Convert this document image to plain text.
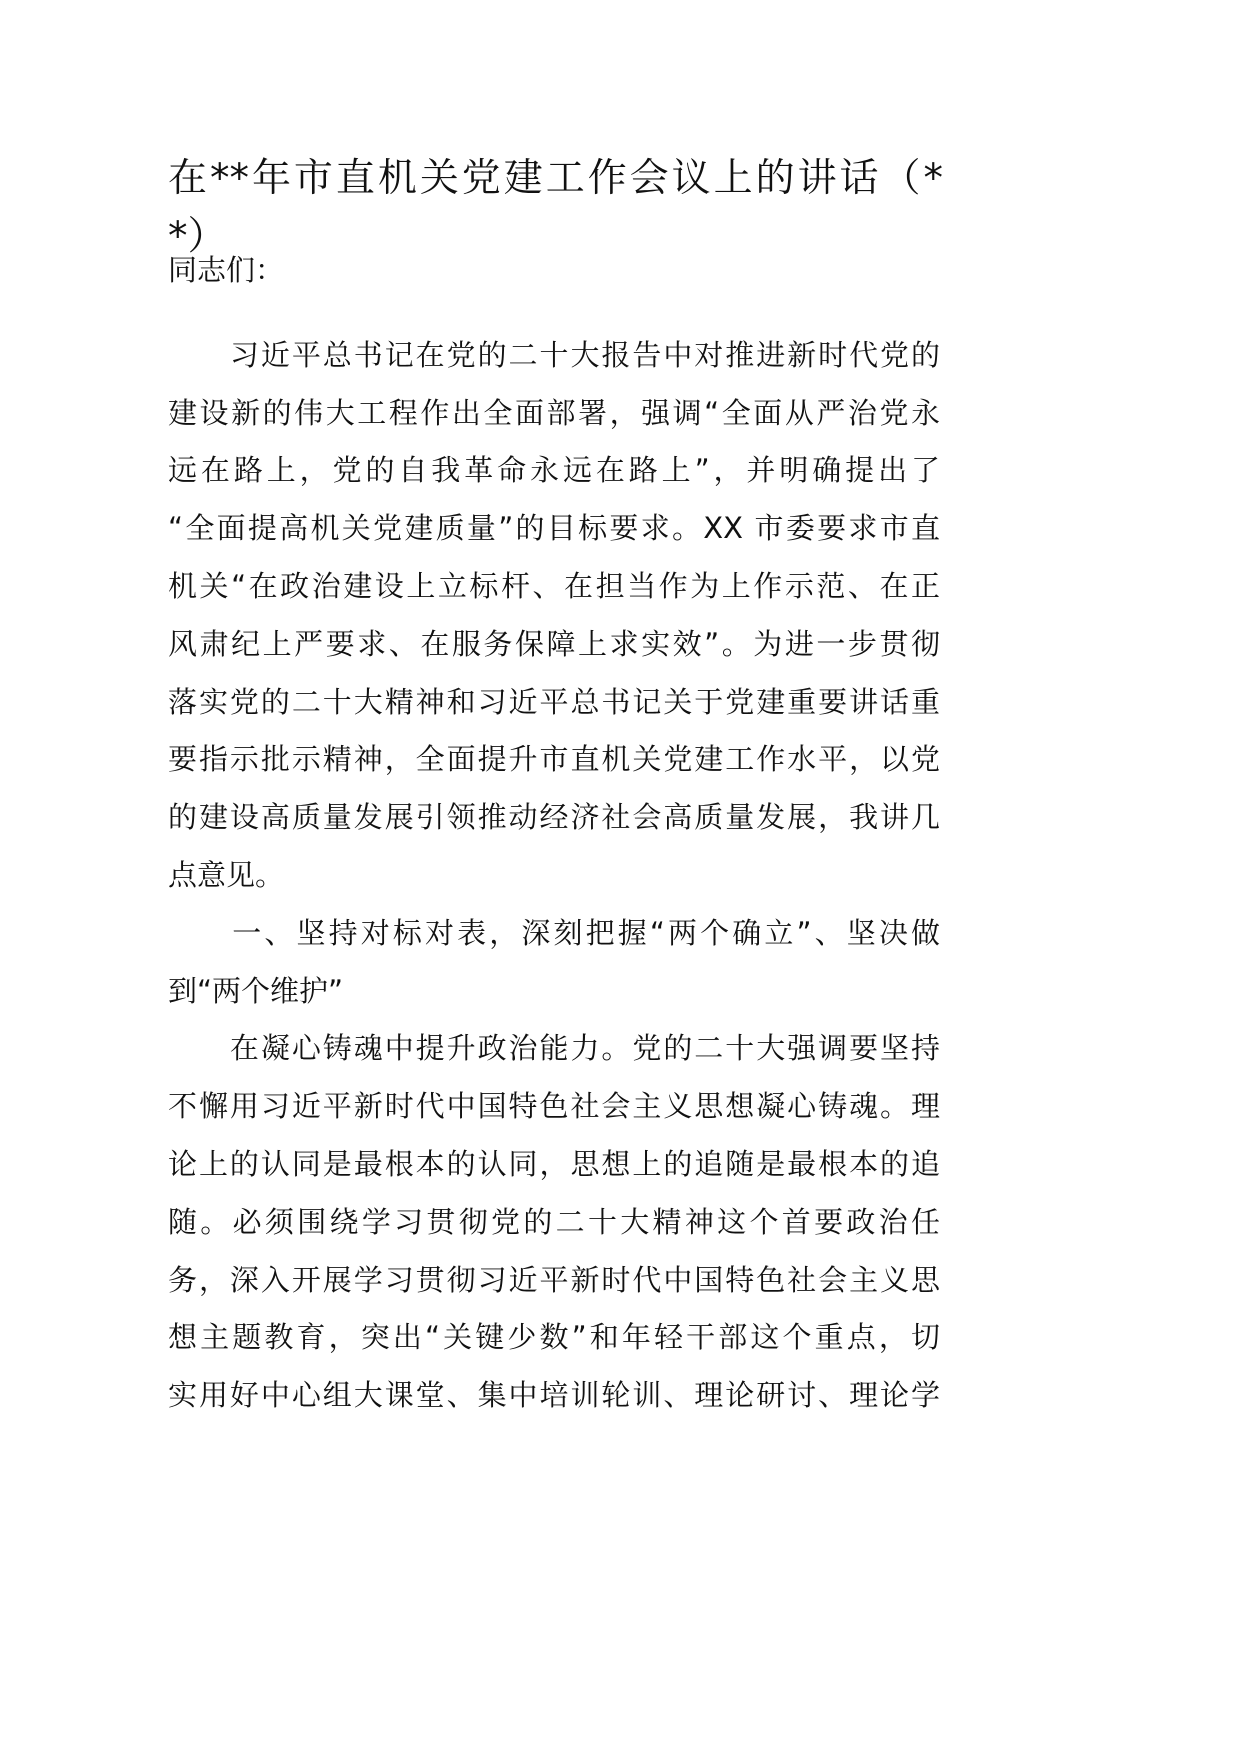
在**年市直机关党建工作会议上的讲话（*
*）
同志们：
　　习近平总书记在党的二十大报告中对推进新时代党的
建设新的伟大工程作出全面部署，强调“全面从严治党永
远在路上，党的自我革命永远在路上”，并明确提出了
“全面提高机关党建质量”的目标要求。XX 市委要求市直
机关“在政治建设上立标杆、在担当作为上作示范、在正
风肃纪上严要求、在服务保障上求实效”。为进一步贯彻
落实党的二十大精神和习近平总书记关于党建重要讲话重
要指示批示精神，全面提升市直机关党建工作水平，以党
的建设高质量发展引领推动经济社会高质量发展，我讲几
点意见。
　　一、坚持对标对表，深刻把握“两个确立”、坚决做
到“两个维护”
　　在凝心铸魂中提升政治能力。党的二十大强调要坚持
不懈用习近平新时代中国特色社会主义思想凝心铸魂。理
论上的认同是最根本的认同，思想上的追随是最根本的追
随。必须围绕学习贯彻党的二十大精神这个首要政治任
务，深入开展学习贯彻习近平新时代中国特色社会主义思
想主题教育，突出“关键少数”和年轻干部这个重点，切
实用好中心组大课堂、集中培训轮训、理论研讨、理论学
